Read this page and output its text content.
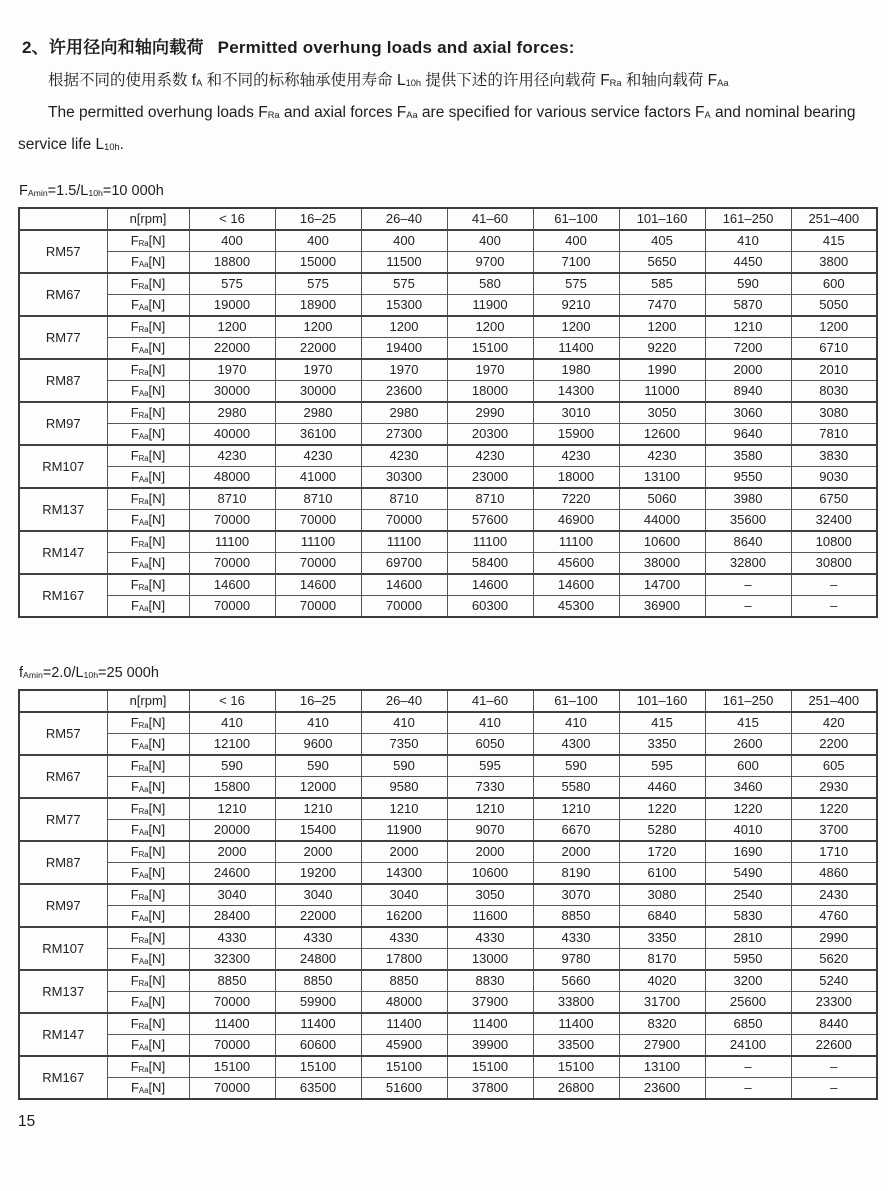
2、许用径向和轴向载荷 Permitted overhung loads and axial forces:
根据不同的使用系数 fA 和不同的标称轴承使用寿命 L10h 提供下述的许用径向载荷 FRa 和轴向载荷 FAa
The permitted overhung loads FRa and axial forces FAa are specified for various service factors FA and nominal bearing service life L10h.
FAmin=1.5/L10h=10 000h
	n[rpm]	< 16	16–25	26–40	41–60	61–100	101–160	161–250	251–400
RM57	FRa[N]	400	400	400	400	400	405	410	415
	FAa[N]	18800	15000	11500	9700	7100	5650	4450	3800
RM67	FRa[N]	575	575	575	580	575	585	590	600
	FAa[N]	19000	18900	15300	11900	9210	7470	5870	5050
RM77	FRa[N]	1200	1200	1200	1200	1200	1200	1210	1200
	FAa[N]	22000	22000	19400	15100	11400	9220	7200	6710
RM87	FRa[N]	1970	1970	1970	1970	1980	1990	2000	2010
	FAa[N]	30000	30000	23600	18000	14300	11000	8940	8030
RM97	FRa[N]	2980	2980	2980	2990	3010	3050	3060	3080
	FAa[N]	40000	36100	27300	20300	15900	12600	9640	7810
RM107	FRa[N]	4230	4230	4230	4230	4230	4230	3580	3830
	FAa[N]	48000	41000	30300	23000	18000	13100	9550	9030
RM137	FRa[N]	8710	8710	8710	8710	7220	5060	3980	6750
	FAa[N]	70000	70000	70000	57600	46900	44000	35600	32400
RM147	FRa[N]	11100	11100	11100	11100	11100	10600	8640	10800
	FAa[N]	70000	70000	69700	58400	45600	38000	32800	30800
RM167	FRa[N]	14600	14600	14600	14600	14600	14700	–	–
	FAa[N]	70000	70000	70000	60300	45300	36900	–	–
fAmin=2.0/L10h=25 000h
	n[rpm]	< 16	16–25	26–40	41–60	61–100	101–160	161–250	251–400
RM57	FRa[N]	410	410	410	410	410	415	415	420
	FAa[N]	12100	9600	7350	6050	4300	3350	2600	2200
RM67	FRa[N]	590	590	590	595	590	595	600	605
	FAa[N]	15800	12000	9580	7330	5580	4460	3460	2930
RM77	FRa[N]	1210	1210	1210	1210	1210	1220	1220	1220
	FAa[N]	20000	15400	11900	9070	6670	5280	4010	3700
RM87	FRa[N]	2000	2000	2000	2000	2000	1720	1690	1710
	FAa[N]	24600	19200	14300	10600	8190	6100	5490	4860
RM97	FRa[N]	3040	3040	3040	3050	3070	3080	2540	2430
	FAa[N]	28400	22000	16200	11600	8850	6840	5830	4760
RM107	FRa[N]	4330	4330	4330	4330	4330	3350	2810	2990
	FAa[N]	32300	24800	17800	13000	9780	8170	5950	5620
RM137	FRa[N]	8850	8850	8850	8830	5660	4020	3200	5240
	FAa[N]	70000	59900	48000	37900	33800	31700	25600	23300
RM147	FRa[N]	11400	11400	11400	11400	11400	8320	6850	8440
	FAa[N]	70000	60600	45900	39900	33500	27900	24100	22600
RM167	FRa[N]	15100	15100	15100	15100	15100	13100	–	–
	FAa[N]	70000	63500	51600	37800	26800	23600	–	–
15
